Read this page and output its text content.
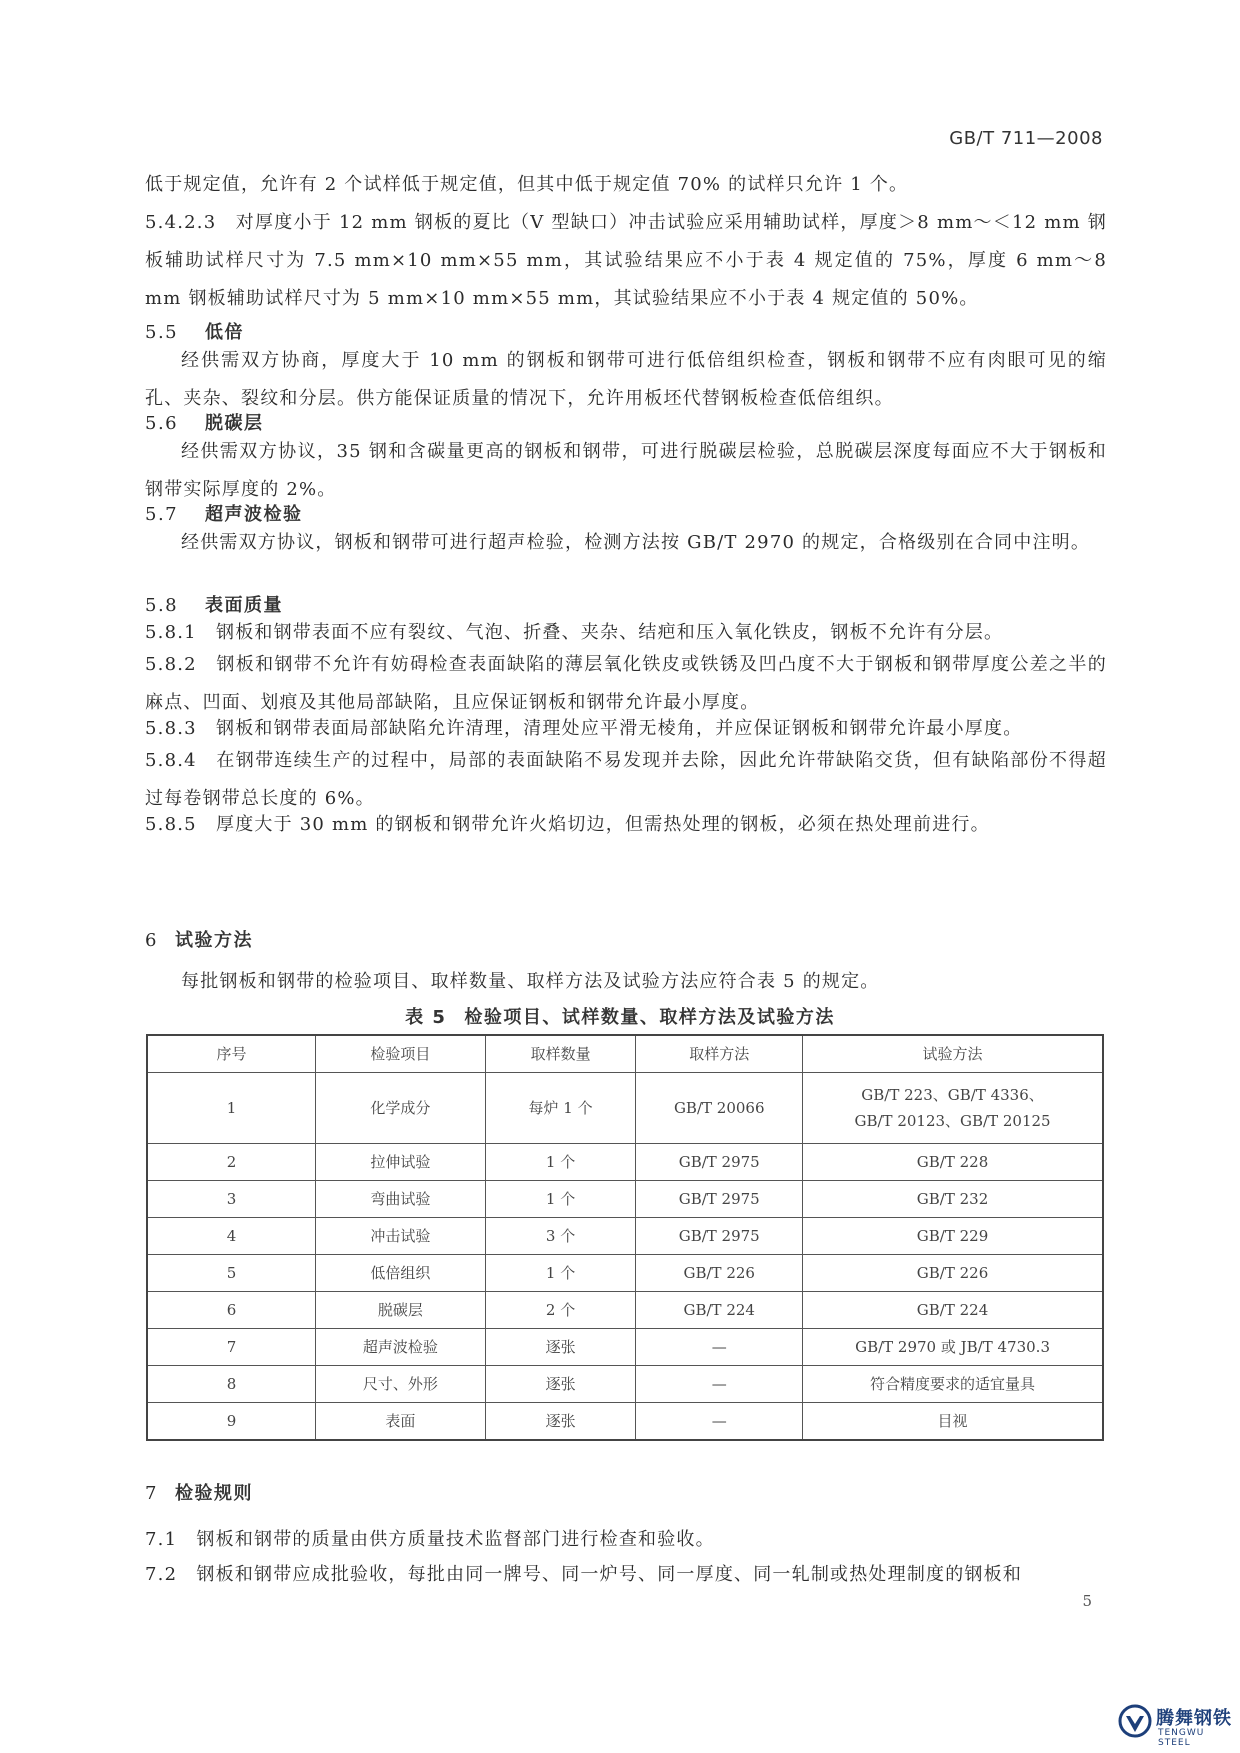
GB/T 711—2008

低于规定值，允许有 2 个试样低于规定值，但其中低于规定值 70% 的试样只允许 1 个。

5.4.2.3　对厚度小于 12 mm 钢板的夏比（V 型缺口）冲击试验应采用辅助试样，厚度＞8 mm～＜12 mm 钢板辅助试样尺寸为 7.5 mm×10 mm×55 mm，其试验结果应不小于表 4 规定值的 75%，厚度 6 mm～8 mm 钢板辅助试样尺寸为 5 mm×10 mm×55 mm，其试验结果应不小于表 4 规定值的 50%。

5.5 低倍

经供需双方协商，厚度大于 10 mm 的钢板和钢带可进行低倍组织检查，钢板和钢带不应有肉眼可见的缩孔、夹杂、裂纹和分层。供方能保证质量的情况下，允许用板坯代替钢板检查低倍组织。

5.6 脱碳层

经供需双方协议，35 钢和含碳量更高的钢板和钢带，可进行脱碳层检验，总脱碳层深度每面应不大于钢板和钢带实际厚度的 2%。

5.7 超声波检验

经供需双方协议，钢板和钢带可进行超声检验，检测方法按 GB/T 2970 的规定，合格级别在合同中注明。

5.8 表面质量

5.8.1　钢板和钢带表面不应有裂纹、气泡、折叠、夹杂、结疤和压入氧化铁皮，钢板不允许有分层。

5.8.2　钢板和钢带不允许有妨碍检查表面缺陷的薄层氧化铁皮或铁锈及凹凸度不大于钢板和钢带厚度公差之半的麻点、凹面、划痕及其他局部缺陷，且应保证钢板和钢带允许最小厚度。

5.8.3　钢板和钢带表面局部缺陷允许清理，清理处应平滑无棱角，并应保证钢板和钢带允许最小厚度。

5.8.4　在钢带连续生产的过程中，局部的表面缺陷不易发现并去除，因此允许带缺陷交货，但有缺陷部份不得超过每卷钢带总长度的 6%。

5.8.5　厚度大于 30 mm 的钢板和钢带允许火焰切边，但需热处理的钢板，必须在热处理前进行。

6 试验方法

每批钢板和钢带的检验项目、取样数量、取样方法及试验方法应符合表 5 的规定。

表 5 检验项目、试样数量、取样方法及试验方法
序号	检验项目	取样数量	取样方法	试验方法
1	化学成分	每炉 1 个	GB/T 20066	GB/T 223、GB/T 4336、
GB/T 20123、GB/T 20125
2	拉伸试验	1 个	GB/T 2975	GB/T 228
3	弯曲试验	1 个	GB/T 2975	GB/T 232
4	冲击试验	3 个	GB/T 2975	GB/T 229
5	低倍组织	1 个	GB/T 226	GB/T 226
6	脱碳层	2 个	GB/T 224	GB/T 224
7	超声波检验	逐张	—	GB/T 2970 或 JB/T 4730.3
8	尺寸、外形	逐张	—	符合精度要求的适宜量具
9	表面	逐张	—	目视
7 检验规则

7.1　钢板和钢带的质量由供方质量技术监督部门进行检查和验收。

7.2　钢板和钢带应成批验收，每批由同一牌号、同一炉号、同一厚度、同一轧制或热处理制度的钢板和

5
腾舞钢铁
TENGWU STEEL
